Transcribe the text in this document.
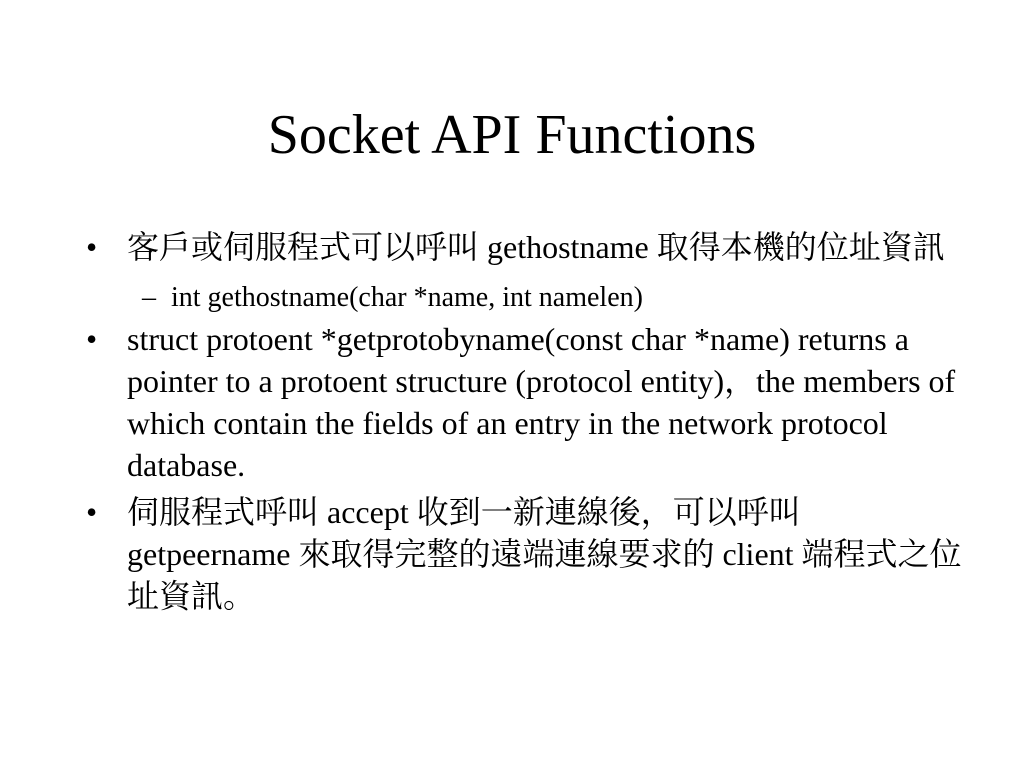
Socket API Functions
• 客戶或伺服程式可以呼叫 gethostname 取得本機的位址資訊
– int gethostname(char *name, int namelen)
• struct protoent *getprotobyname(const char *name) returns a pointer to a protoent structure (protocol entity)，the members of which contain the fields of an entry in the network protocol database.
• 伺服程式呼叫 accept 收到一新連線後，可以呼叫 getpeername 來取得完整的遠端連線要求的 client 端程式之位址資訊。
